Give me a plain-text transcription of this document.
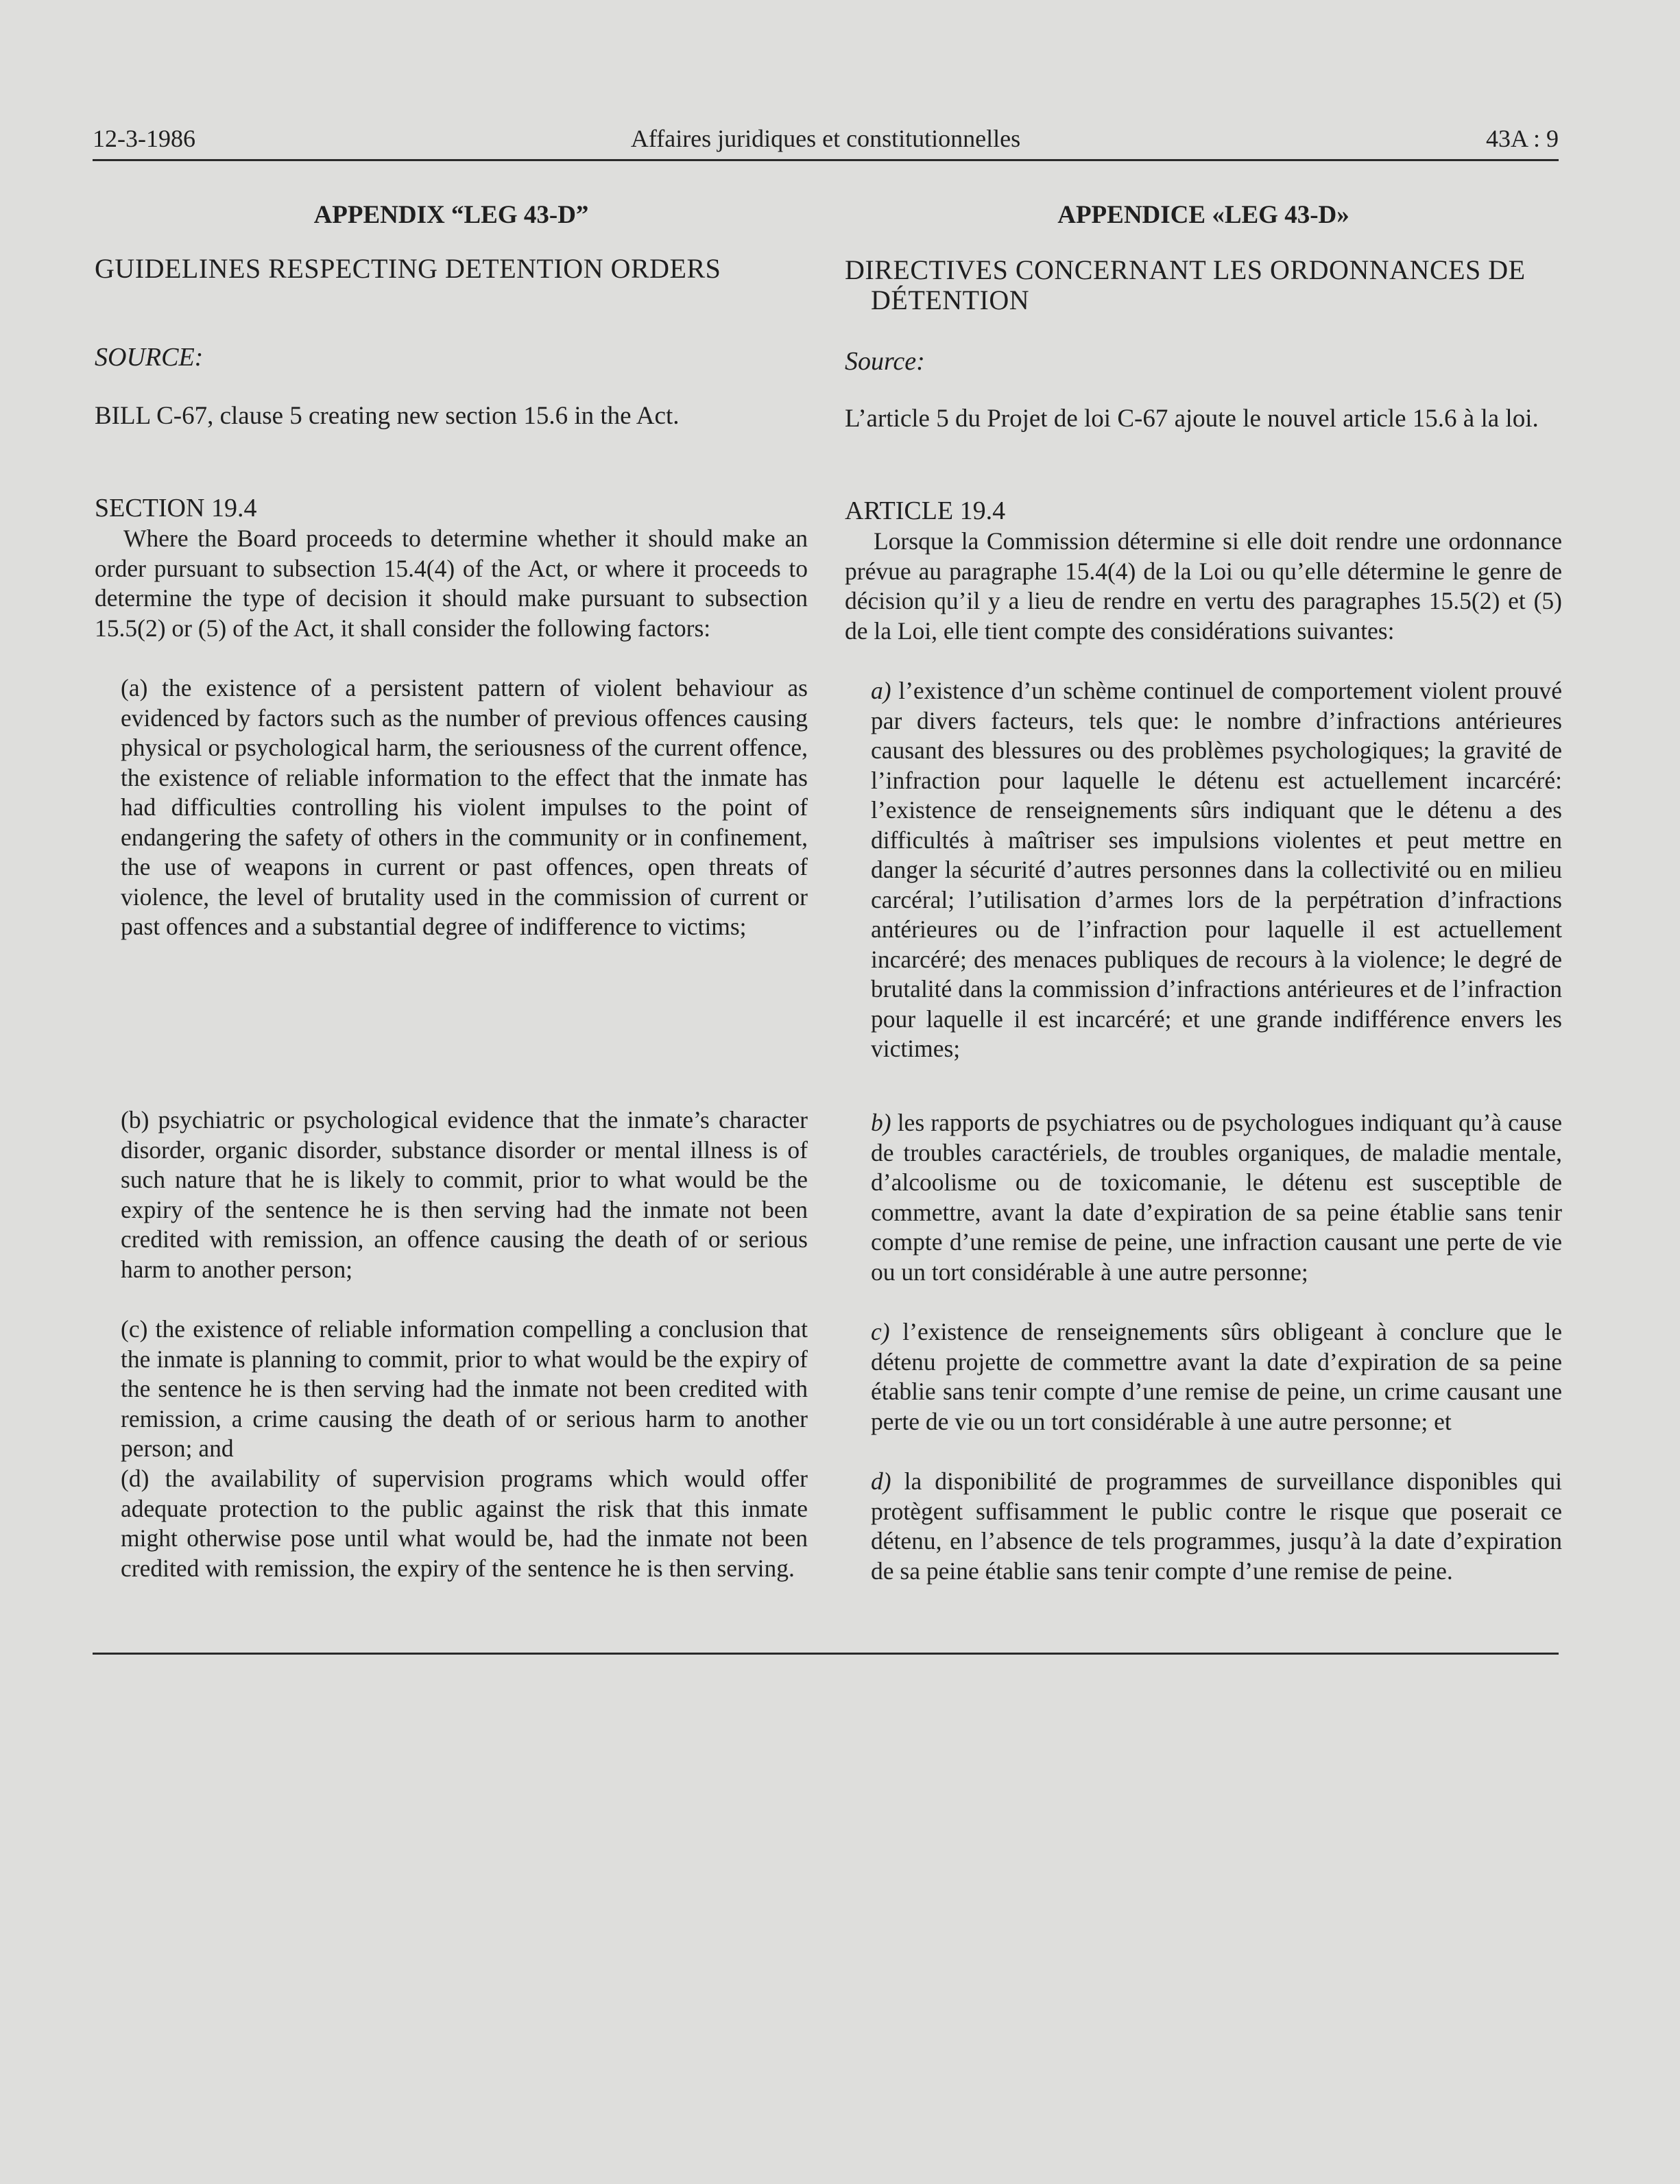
12-3-1986	Affaires juridiques et constitutionnelles	43A : 9

APPENDIX “LEG 43-D”

GUIDELINES RESPECTING DETENTION ORDERS

SOURCE:

BILL C-67, clause 5 creating new section 15.6 in the Act.

SECTION 19.4

Where the Board proceeds to determine whether it should make an order pursuant to subsection 15.4(4) of the Act, or where it proceeds to determine the type of decision it should make pursuant to subsection 15.5(2) or (5) of the Act, it shall consider the following factors:

(a) the existence of a persistent pattern of violent behaviour as evidenced by factors such as the number of previous offences causing physical or psychological harm, the seriousness of the current offence, the existence of reliable information to the effect that the inmate has had difficulties controlling his violent impulses to the point of endangering the safety of others in the community or in confinement, the use of weapons in current or past offences, open threats of violence, the level of brutality used in the commission of current or past offences and a substantial degree of indifference to victims;

(b) psychiatric or psychological evidence that the inmate’s character disorder, organic disorder, substance disorder or mental illness is of such nature that he is likely to commit, prior to what would be the expiry of the sentence he is then serving had the inmate not been credited with remission, an offence causing the death of or serious harm to another person;

(c) the existence of reliable information compelling a conclusion that the inmate is planning to commit, prior to what would be the expiry of the sentence he is then serving had the inmate not been credited with remission, a crime causing the death of or serious harm to another person; and

(d) the availability of supervision programs which would offer adequate protection to the public against the risk that this inmate might otherwise pose until what would be, had the inmate not been credited with remission, the expiry of the sentence he is then serving.

APPENDICE «LEG 43-D»

DIRECTIVES CONCERNANT LES ORDONNANCES DE DÉTENTION

Source:

L’article 5 du Projet de loi C-67 ajoute le nouvel article 15.6 à la loi.

ARTICLE 19.4

Lorsque la Commission détermine si elle doit rendre une ordonnance prévue au paragraphe 15.4(4) de la Loi ou qu’elle détermine le genre de décision qu’il y a lieu de rendre en vertu des paragraphes 15.5(2) et (5) de la Loi, elle tient compte des considérations suivantes:

a) l’existence d’un schème continuel de comportement violent prouvé par divers facteurs, tels que: le nombre d’infractions antérieures causant des blessures ou des problèmes psychologiques; la gravité de l’infraction pour laquelle le détenu est actuellement incarcéré: l’existence de renseignements sûrs indiquant que le détenu a des difficultés à maîtriser ses impulsions violentes et peut mettre en danger la sécurité d’autres personnes dans la collectivité ou en milieu carcéral; l’utilisation d’armes lors de la perpétration d’infractions antérieures ou de l’infraction pour laquelle il est actuellement incarcéré; des menaces publiques de recours à la violence; le degré de brutalité dans la commission d’infractions antérieures et de l’infraction pour laquelle il est incarcéré; et une grande indifférence envers les victimes;

b) les rapports de psychiatres ou de psychologues indiquant qu’à cause de troubles caractériels, de troubles organiques, de maladie mentale, d’alcoolisme ou de toxicomanie, le détenu est susceptible de commettre, avant la date d’expiration de sa peine établie sans tenir compte d’une remise de peine, une infraction causant une perte de vie ou un tort considérable à une autre personne;

c) l’existence de renseignements sûrs obligeant à conclure que le détenu projette de commettre avant la date d’expiration de sa peine établie sans tenir compte d’une remise de peine, un crime causant une perte de vie ou un tort considérable à une autre personne; et

d) la disponibilité de programmes de surveillance disponibles qui protègent suffisamment le public contre le risque que poserait ce détenu, en l’absence de tels programmes, jusqu’à la date d’expiration de sa peine établie sans tenir compte d’une remise de peine.
